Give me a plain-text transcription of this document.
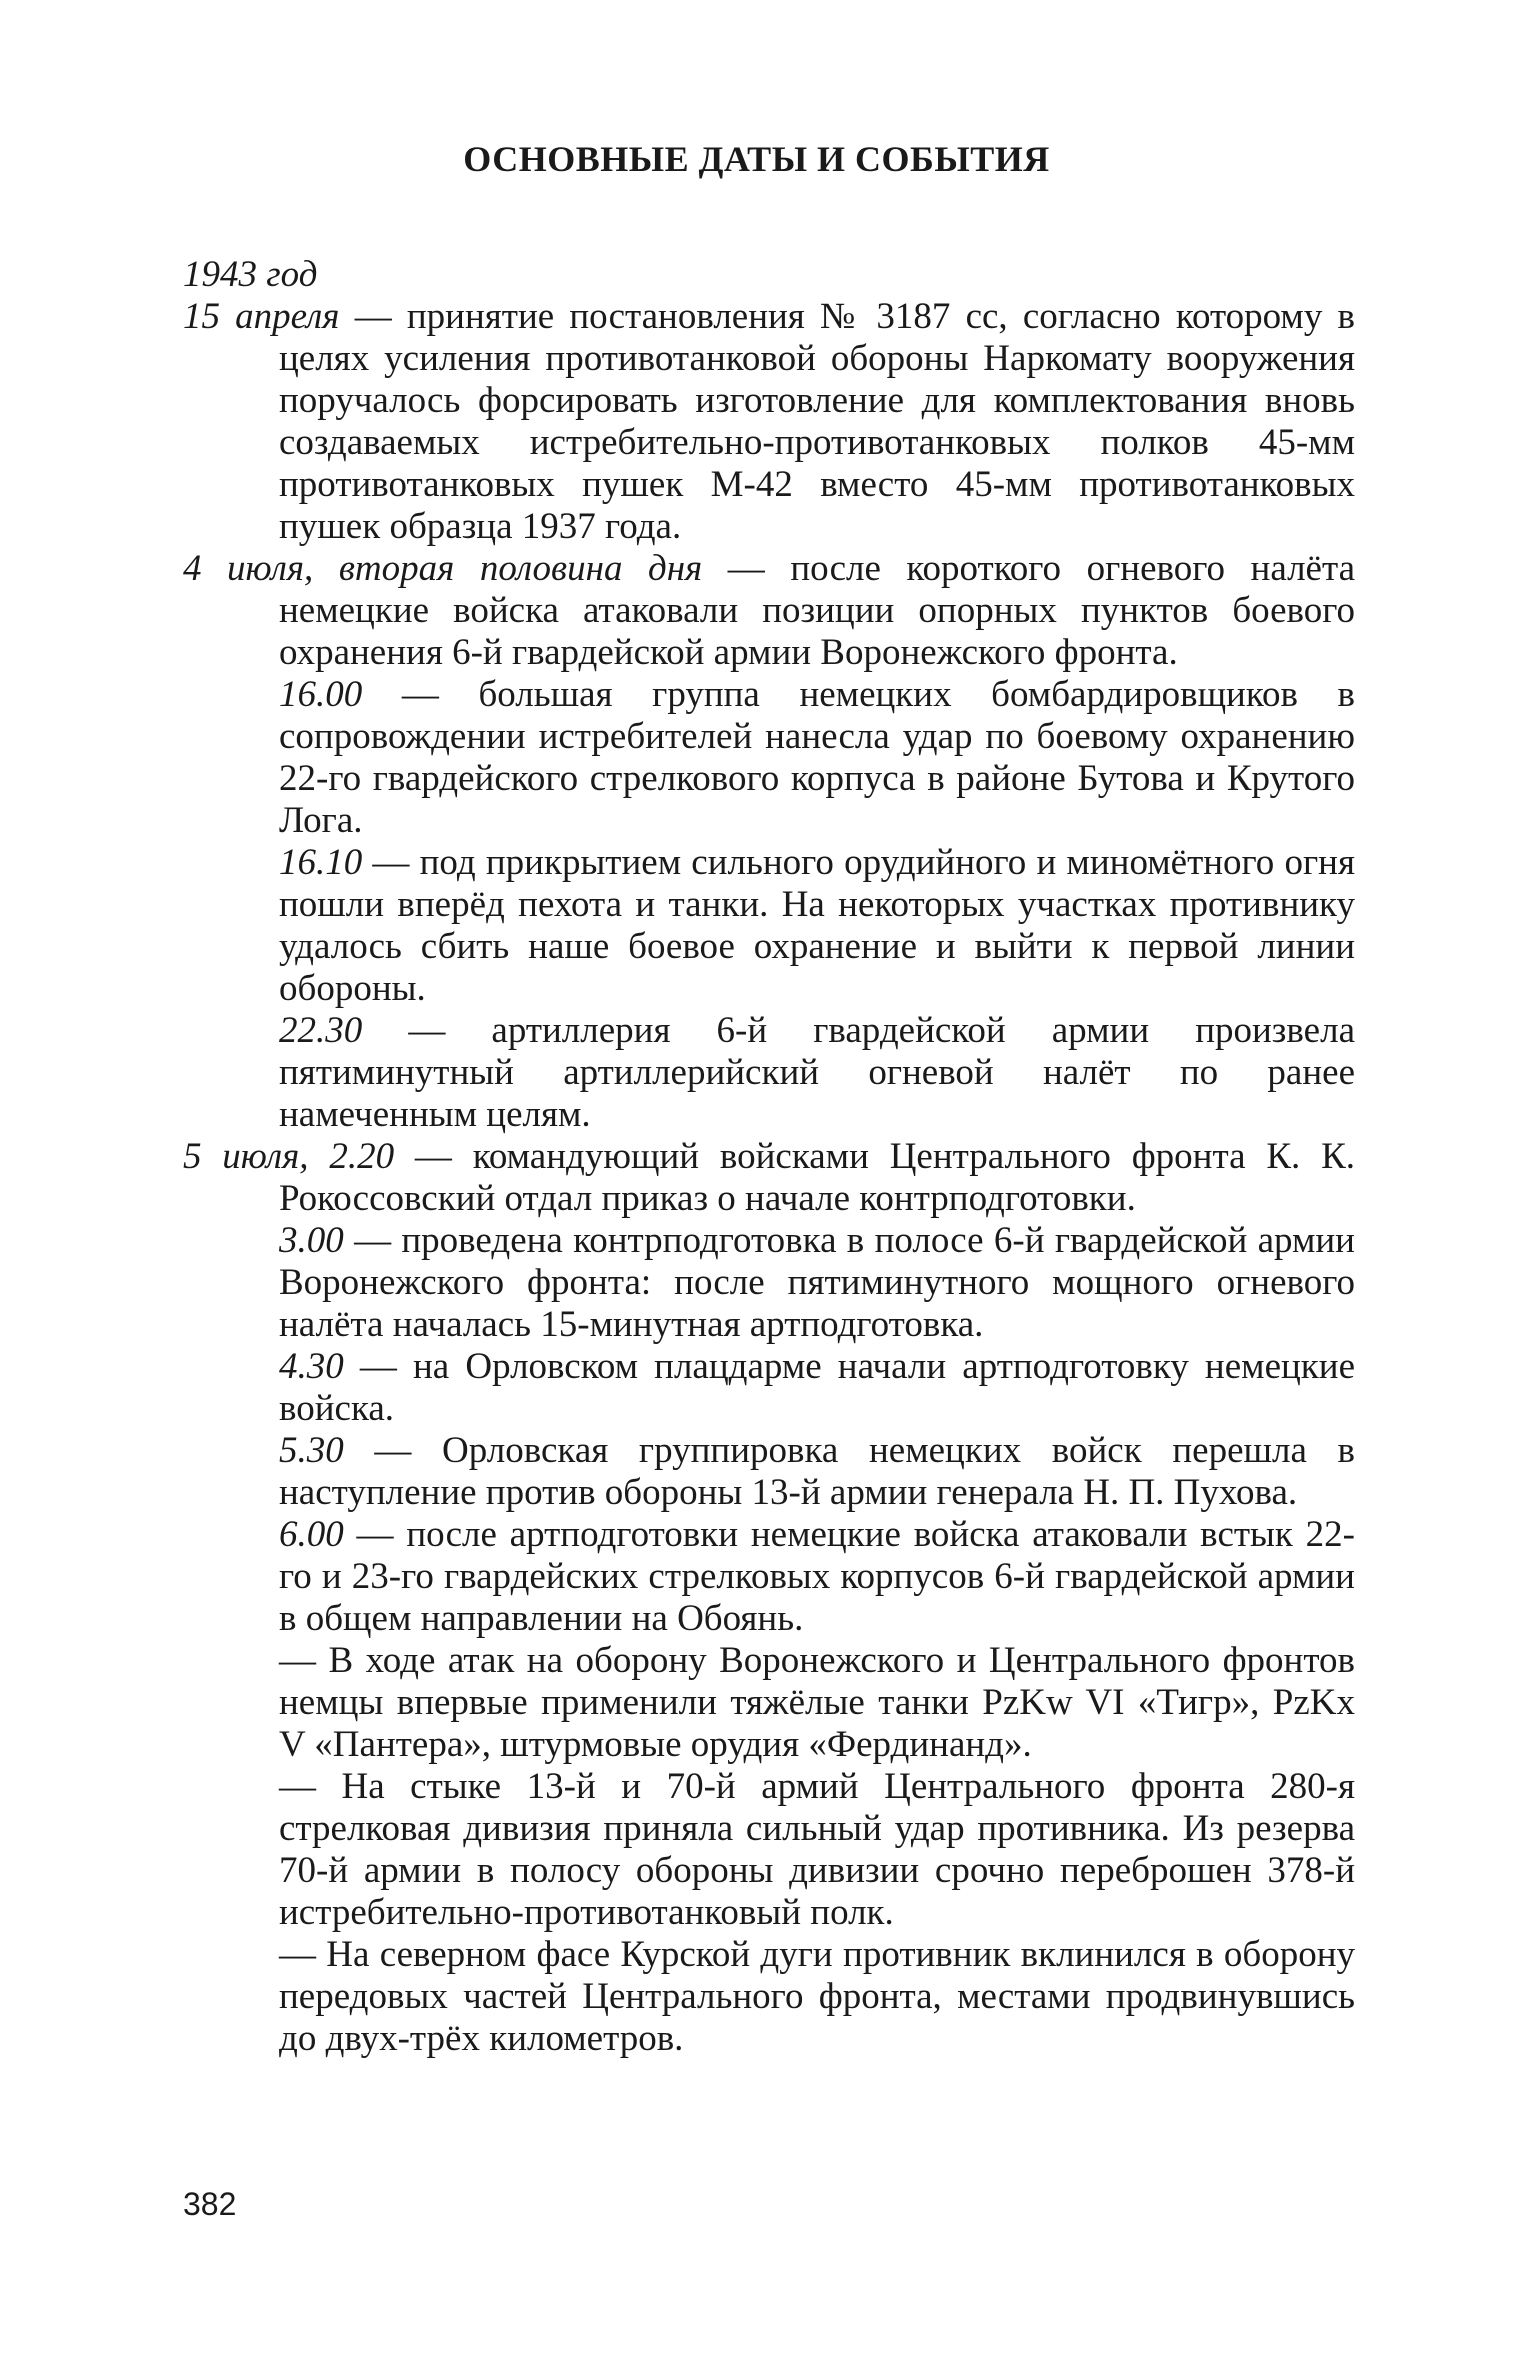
ОСНОВНЫЕ ДАТЫ И СОБЫТИЯ
1943 год

15 апреля — принятие постановления № 3187 сс, согласно которому в целях усиления противотанковой обороны Наркомату вооружения поручалось форсировать изготовление для комплектования вновь создаваемых истребительно-противотанковых полков 45-мм противотанковых пушек М-42 вместо 45-мм противотанковых пушек образца 1937 года.

4 июля, вторая половина дня — после короткого огневого налёта немецкие войска атаковали позиции опорных пунктов боевого охранения 6-й гвардейской армии Воронежского фронта.

16.00 — большая группа немецких бомбардировщиков в сопровождении истребителей нанесла удар по боевому охранению 22-го гвардейского стрелкового корпуса в районе Бутова и Крутого Лога.

16.10 — под прикрытием сильного орудийного и миномётного огня пошли вперёд пехота и танки. На некоторых участках противнику удалось сбить наше боевое охранение и выйти к первой линии обороны.

22.30 — артиллерия 6-й гвардейской армии произвела пятиминутный артиллерийский огневой налёт по ранее намеченным целям.

5 июля, 2.20 — командующий войсками Центрального фронта К. К. Рокоссовский отдал приказ о начале контрподготовки.

3.00 — проведена контрподготовка в полосе 6-й гвардейской армии Воронежского фронта: после пятиминутного мощного огневого налёта началась 15-минутная артподготовка.

4.30 — на Орловском плацдарме начали артподготовку немецкие войска.

5.30 — Орловская группировка немецких войск перешла в наступление против обороны 13-й армии генерала Н. П. Пухова.

6.00 — после артподготовки немецкие войска атаковали встык 22-го и 23-го гвардейских стрелковых корпусов 6-й гвардейской армии в общем направлении на Обоянь.

— В ходе атак на оборону Воронежского и Центрального фронтов немцы впервые применили тяжёлые танки PzKw VI «Тигр», PzKx V «Пантера», штурмовые орудия «Фердинанд».

— На стыке 13-й и 70-й армий Центрального фронта 280-я стрелковая дивизия приняла сильный удар противника. Из резерва 70-й армии в полосу обороны дивизии срочно переброшен 378-й истребительно-противотанковый полк.

— На северном фасе Курской дуги противник вклинился в оборону передовых частей Центрального фронта, местами продвинувшись до двух-трёх километров.

382
